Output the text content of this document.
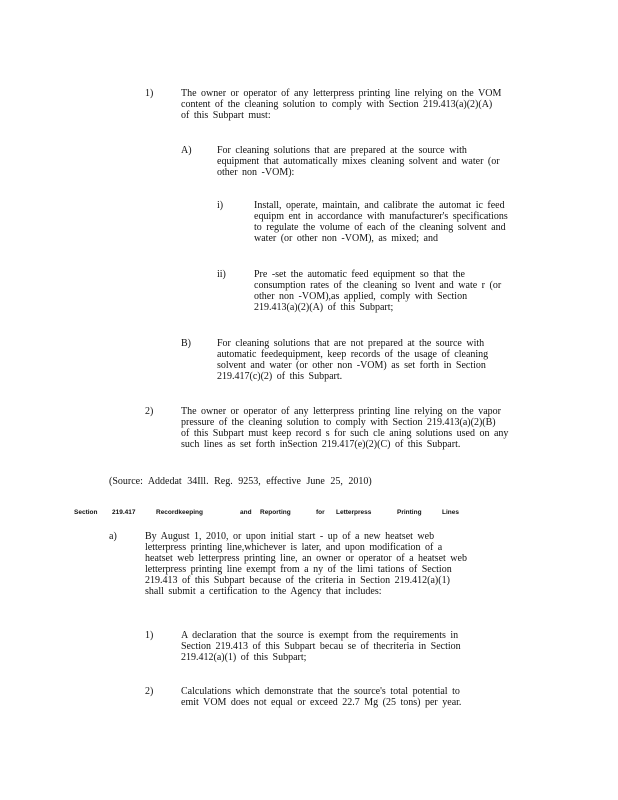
1)	The owner or operator of any letterpress printing line relying on the VOM
content of the cleaning solution to comply with Section 219.413(a)(2)(A)
of this Subpart must:
A)	For cleaning solutions that are prepared at the source with
equipment that automatically mixes cleaning solvent and water (or
other non -VOM):
i)	Install, operate, maintain, and calibrate the automat ic feed
equipm ent in accordance with manufacturer's specifications
to regulate the volume of each of the cleaning solvent and
water (or other non -VOM), as mixed; and
ii)	Pre -set the automatic feed equipment so that the
consumption rates of the cleaning so lvent and wate r (or
other non -VOM),as applied, comply with Section
219.413(a)(2)(A) of this Subpart;
B)	For cleaning solutions that are not prepared at the source with
automatic feedequipment, keep records of the usage of cleaning
solvent and water (or other non -VOM) as set forth in Section
219.417(c)(2) of this Subpart.
2)	The owner or operator of any letterpress printing line relying on the vapor
pressure of the cleaning solution to comply with Section 219.413(a)(2)(B)
of this Subpart must keep record s for such cle aning solutions used on any
such lines as set forth inSection 219.417(e)(2)(C) of this Subpart.
(Source: Addedat 34Ill. Reg. 9253, effective June 25, 2010)
Section 219.417	Recordkeeping	and Reporting	for Letterpress	Printing	Lines
a)	By August 1, 2010, or upon initial start - up of a new heatset web
letterpress printing line,whichever is later, and upon modification of a
heatset web letterpress printing line, an owner or operator of a heatset web
letterpress printing line exempt from a ny of the limi tations of Section
219.413 of this Subpart because of the criteria in Section 219.412(a)(1)
shall submit a certification to the Agency that includes:
1)	A declaration that the source is exempt from the requirements in
Section 219.413 of this Subpart becau se of thecriteria in Section
219.412(a)(1) of this Subpart;
2)	Calculations which demonstrate that the source's total potential to
emit VOM does not equal or exceed 22.7 Mg (25 tons) per year.
